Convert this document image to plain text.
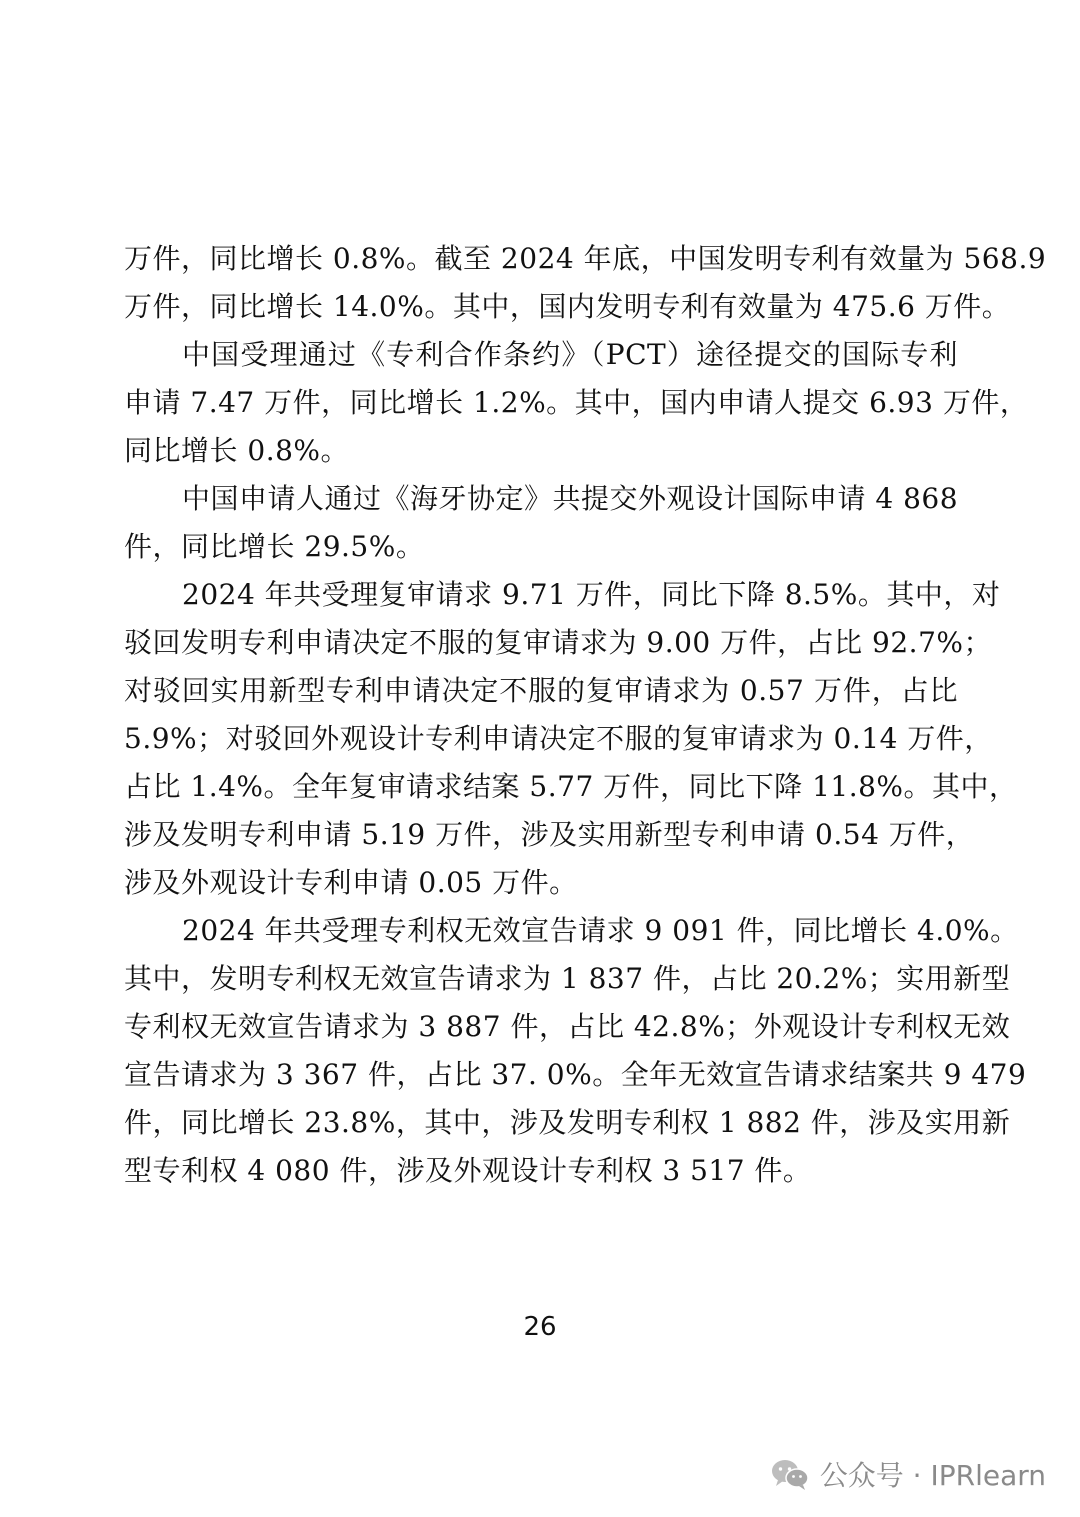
万件，同比增长 0.8%。截至 2024 年底，中国发明专利有效量为 568.9
万件，同比增长 14.0%。其中，国内发明专利有效量为 475.6 万件。
中国受理通过《专利合作条约》（PCT）途径提交的国际专利
申请 7.47 万件，同比增长 1.2%。其中，国内申请人提交 6.93 万件，
同比增长 0.8%。
中国申请人通过《海牙协定》共提交外观设计国际申请 4 868
件，同比增长 29.5%。
2024 年共受理复审请求 9.71 万件，同比下降 8.5%。其中，对
驳回发明专利申请决定不服的复审请求为 9.00 万件，占比 92.7%；
对驳回实用新型专利申请决定不服的复审请求为 0.57 万件，占比
5.9%；对驳回外观设计专利申请决定不服的复审请求为 0.14 万件，
占比 1.4%。全年复审请求结案 5.77 万件，同比下降 11.8%。其中，
涉及发明专利申请 5.19 万件，涉及实用新型专利申请 0.54 万件，
涉及外观设计专利申请 0.05 万件。
2024 年共受理专利权无效宣告请求 9 091 件，同比增长 4.0%。
其中，发明专利权无效宣告请求为 1 837 件，占比 20.2%；实用新型
专利权无效宣告请求为 3 887 件，占比 42.8%；外观设计专利权无效
宣告请求为 3 367 件，占比 37. 0%。全年无效宣告请求结案共 9 479
件，同比增长 23.8%，其中，涉及发明专利权 1 882 件，涉及实用新
型专利权 4 080 件，涉及外观设计专利权 3 517 件。
26
公众号 · IPRlearn
